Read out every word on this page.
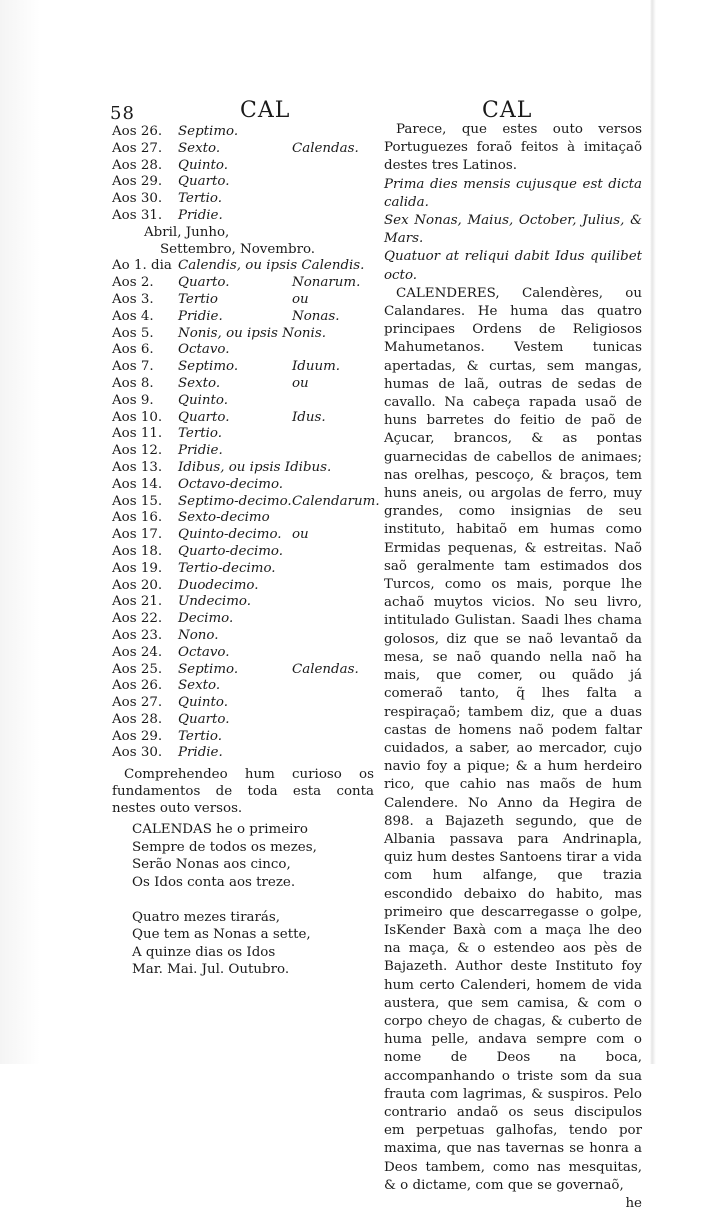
58	CAL	CAL
Aos 26. Septimo.
Aos 27. Sexto.	Calendas.
Aos 28. Quinto.
Aos 29. Quarto.
Aos 30. Tertio.
Aos 31. Pridie.
Abril, Junho,
Settembro, Novembro.
Ao 1. dia Calendis, ou ipsis Calendis.
Aos 2. Quarto.	Nonarum.
Aos 3. Tertio	ou
Aos 4. Pridie.	Nonas.
Aos 5. Nonis, ou ipsis Nonis.
Aos 6. Octavo.
Aos 7. Septimo.	Iduum.
Aos 8. Sexto.	ou
Aos 9. Quinto.
Aos 10. Quarto.	Idus.
Aos 11. Tertio.
Aos 12. Pridie.
Aos 13. Idibus, ou ipsis Idibus.
Aos 14. Octavo-decimo.
Aos 15. Septimo-decimo. Calendarum.
Aos 16. Sexto-decimo
Aos 17. Quinto-decimo. ou
Aos 18. Quarto-decimo.
Aos 19. Tertio-decimo.
Aos 20. Duodecimo.
Aos 21. Undecimo.
Aos 22. Decimo.
Aos 23. Nono.
Aos 24. Octavo.
Aos 25. Septimo.	Calendas.
Aos 26. Sexto.
Aos 27. Quinto.
Aos 28. Quarto.
Aos 29. Tertio.
Aos 30. Pridie.

Comprehendeo hum curioso os fundamentos de toda esta conta nestes outo versos.

CALENDAS he o primeiro
Sempre de todos os mezes,
Serão Nonas aos cinco,
Os Idos conta aos treze.
Quatro mezes tirarás,
Que tem as Nonas a sette,
A quinze dias os Idos
Mar. Mai. Jul. Outubro.

Parece, que estes outo versos Portuguezes foraõ feitos à imitaçaõ destes tres Latinos.

Prima dies mensis cujusque est dicta calida.

Sex Nonas, Maius, October, Julius, & Mars.

Quatuor at reliqui dabit Idus quilibet octo.

CALENDERES, Calendères, ou Calandares. He huma das quatro principaes Ordens de Religiosos Mahumetanos. Vestem tunicas apertadas, & curtas, sem mangas, humas de laã, outras de sedas de cavallo. Na cabeça rapada usaõ de huns barretes do feitio de paõ de Açucar, brancos, & as pontas guarnecidas de cabellos de animaes; nas orelhas, pescoço, & braços, tem huns aneis, ou argolas de ferro, muy grandes, como insignias de seu instituto, habitaõ em humas como Ermidas pequenas, & estreitas. Naõ saõ geralmente tam estimados dos Turcos, como os mais, porque lhe achaõ muytos vicios. No seu livro, intitulado Gulistan. Saadi lhes chama golosos, diz que se naõ levantaõ da mesa, se naõ quando nella naõ ha mais, que comer, ou quãdo já comeraõ tanto, q̃ lhes falta a respiraçaõ; tambem diz, que a duas castas de homens naõ podem faltar cuidados, a saber, ao mercador, cujo navio foy a pique; & a hum herdeiro rico, que cahio nas maõs de hum Calendere. No Anno da Hegira de 898. a Bajazeth segundo, que de Albania passava para Andrinapla, quiz hum destes Santoens tirar a vida com hum alfange, que trazia escondido debaixo do habito, mas primeiro que descarregasse o golpe, IsKender Baxà com a maça lhe deo na maça, & o estendeo aos pès de Bajazeth. Author deste Instituto foy hum certo Calenderi, homem de vida austera, que sem camisa, & com o corpo cheyo de chagas, & cuberto de huma pelle, andava sempre com o nome de Deos na boca, accompanhando o triste som da sua frauta com lagrimas, & suspiros. Pelo contrario andaõ os seus discipulos em perpetuas galhofas, tendo por maxima, que nas tavernas se honra a Deos tambem, como nas mesquitas, & o dictame, com que se governaõ,

he
